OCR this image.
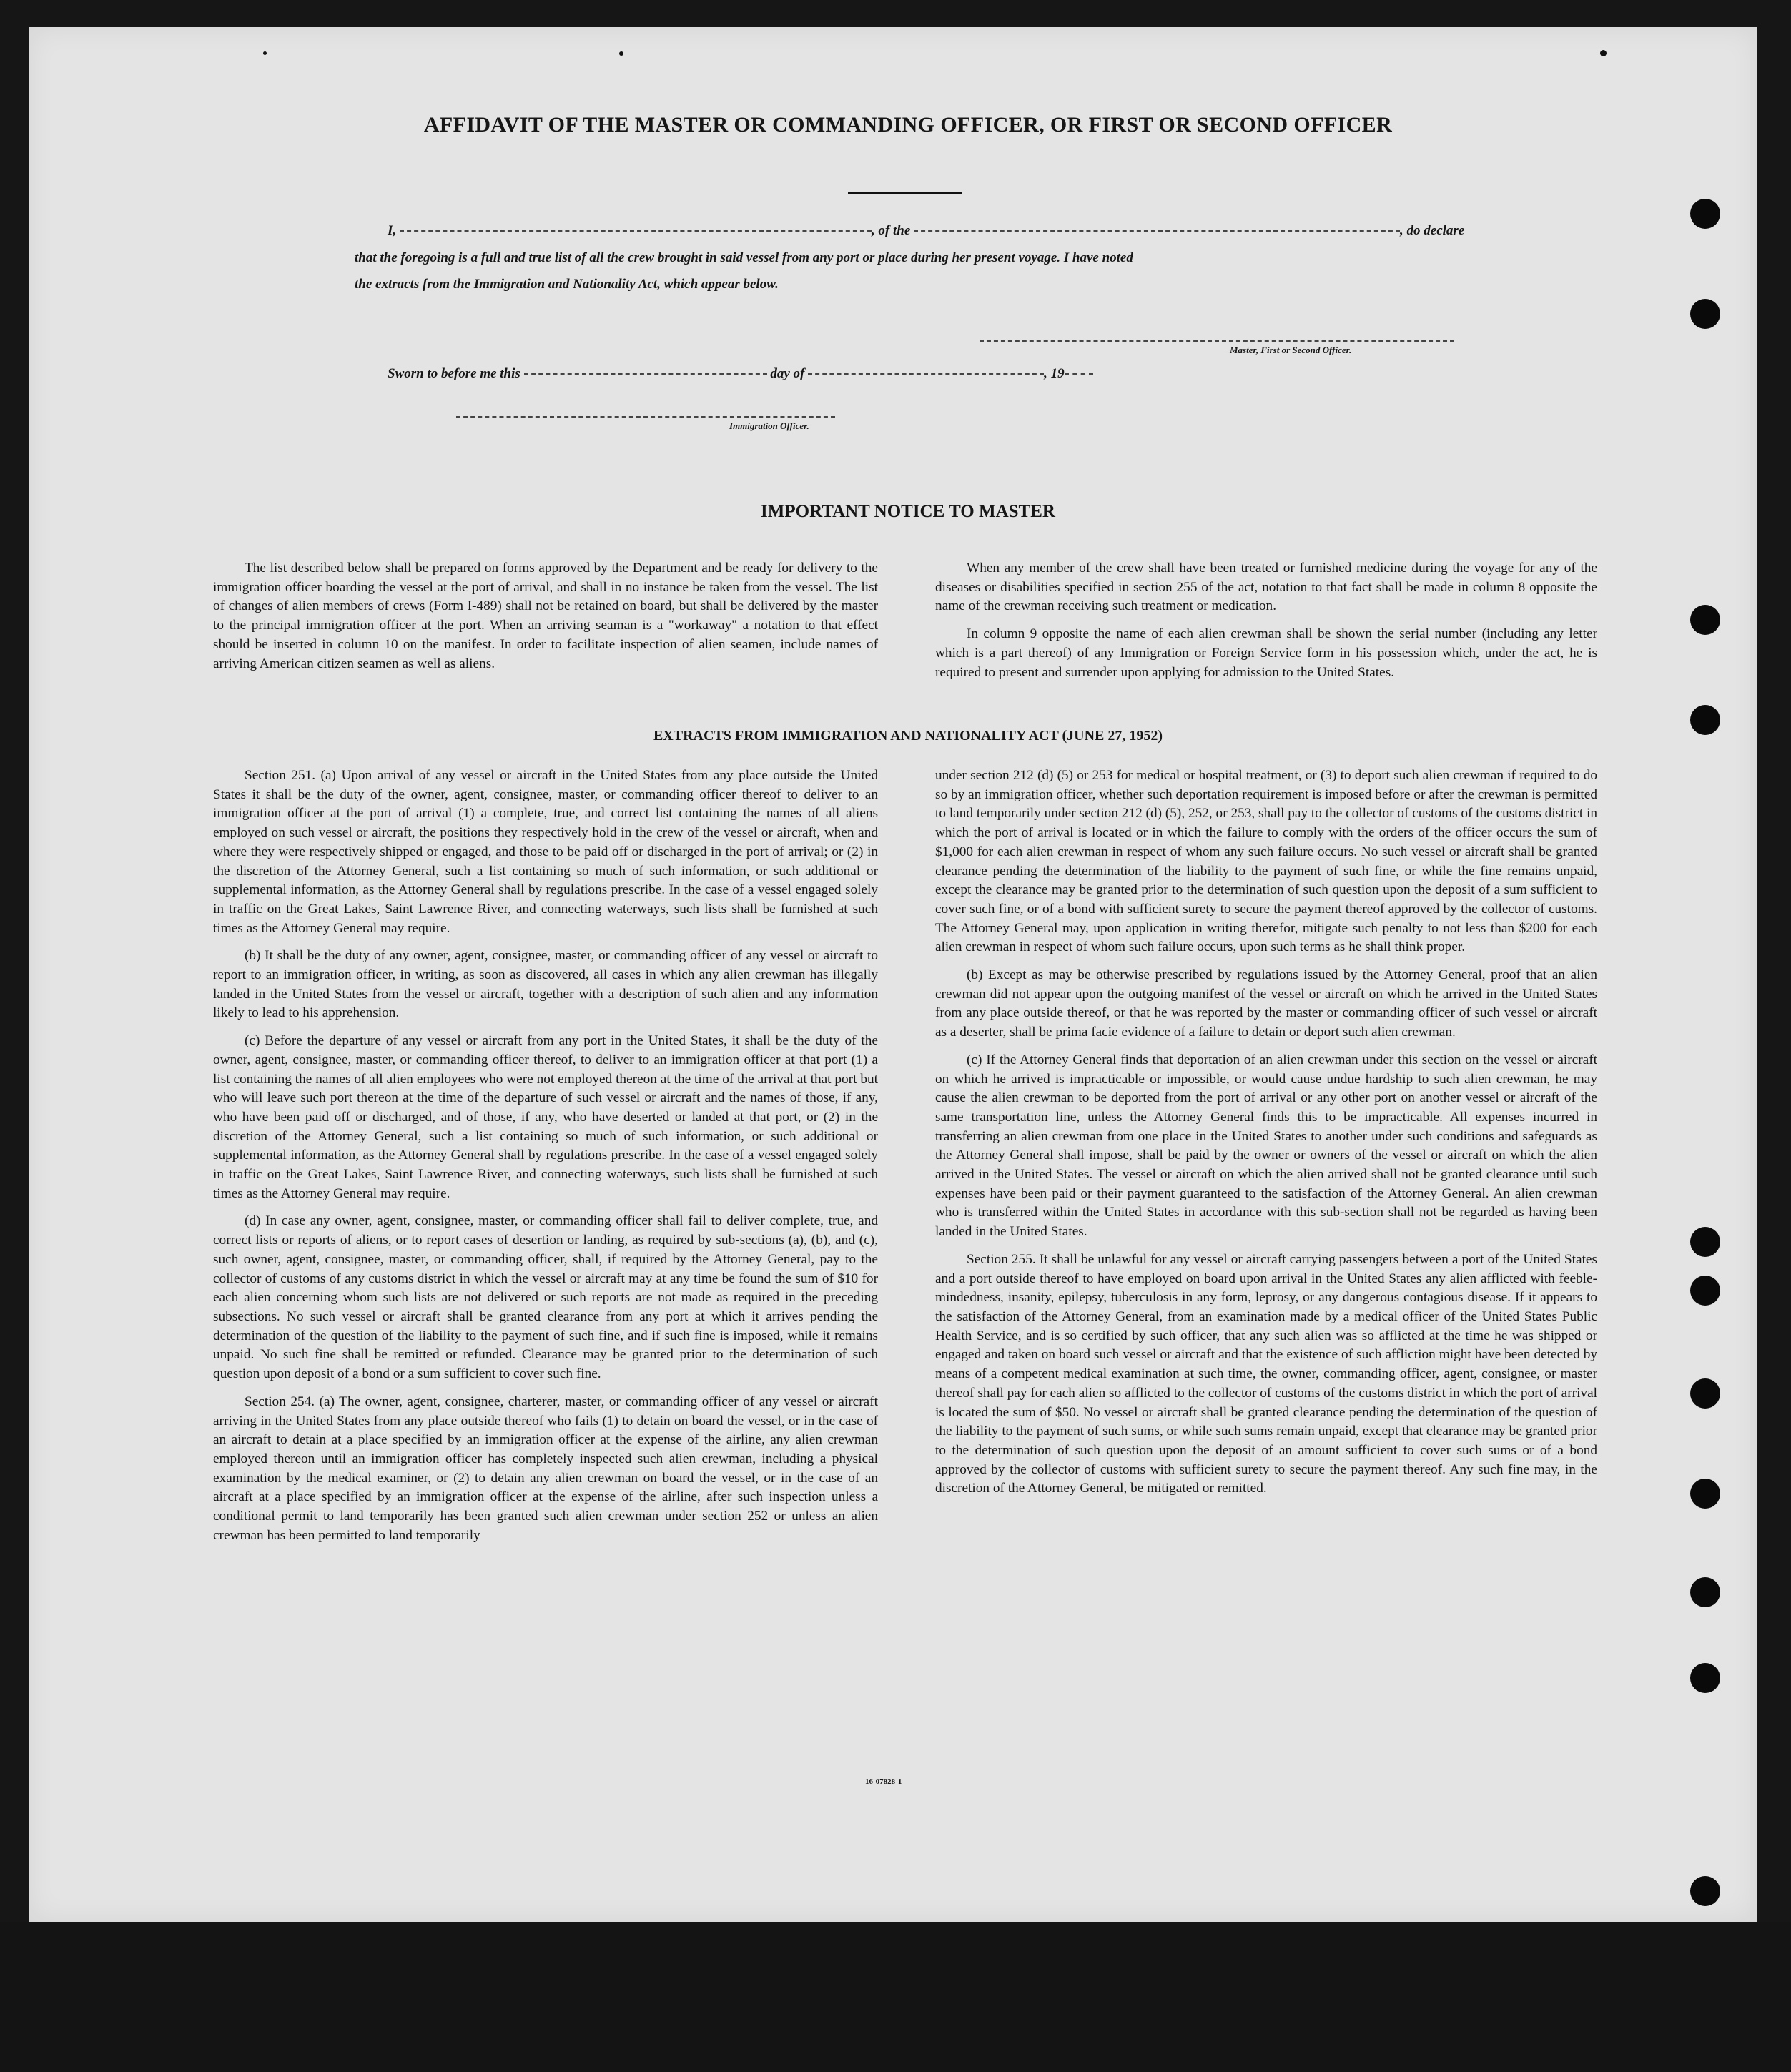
AFFIDAVIT OF THE MASTER OR COMMANDING OFFICER, OR FIRST OR SECOND OFFICER
I,	, of the	, do declare
that the foregoing is a full and true list of all the crew brought in said vessel from any port or place during her present voyage. I have noted
the extracts from the Immigration and Nationality Act, which appear below.
Master, First or Second Officer.
Sworn to before me this	day of	, 19
Immigration Officer.
IMPORTANT NOTICE TO MASTER

The list described below shall be prepared on forms approved by the Department and be ready for delivery to the immigration officer boarding the vessel at the port of arrival, and shall in no instance be taken from the vessel. The list of changes of alien members of crews (Form I-489) shall not be retained on board, but shall be delivered by the master to the principal immigration officer at the port. When an arriving seaman is a "workaway" a notation to that effect should be inserted in column 10 on the manifest. In order to facilitate inspection of alien seamen, include names of arriving American citizen seamen as well as aliens.

When any member of the crew shall have been treated or furnished medicine during the voyage for any of the diseases or disabilities specified in section 255 of the act, notation to that fact shall be made in column 8 opposite the name of the crewman receiving such treatment or medication.

In column 9 opposite the name of each alien crewman shall be shown the serial number (including any letter which is a part thereof) of any Immigration or Foreign Service form in his possession which, under the act, he is required to present and surrender upon applying for admission to the United States.

EXTRACTS FROM IMMIGRATION AND NATIONALITY ACT (JUNE 27, 1952)

Section 251. (a) Upon arrival of any vessel or aircraft in the United States from any place outside the United States it shall be the duty of the owner, agent, consignee, master, or commanding officer thereof to deliver to an immigration officer at the port of arrival (1) a complete, true, and correct list containing the names of all aliens employed on such vessel or aircraft, the positions they respectively hold in the crew of the vessel or aircraft, when and where they were respectively shipped or engaged, and those to be paid off or discharged in the port of arrival; or (2) in the discretion of the Attorney General, such a list containing so much of such information, or such additional or supplemental information, as the Attorney General shall by regulations prescribe. In the case of a vessel engaged solely in traffic on the Great Lakes, Saint Lawrence River, and connecting waterways, such lists shall be furnished at such times as the Attorney General may require.

(b) It shall be the duty of any owner, agent, consignee, master, or commanding officer of any vessel or aircraft to report to an immigration officer, in writing, as soon as discovered, all cases in which any alien crewman has illegally landed in the United States from the vessel or aircraft, together with a description of such alien and any information likely to lead to his apprehension.

(c) Before the departure of any vessel or aircraft from any port in the United States, it shall be the duty of the owner, agent, consignee, master, or commanding officer thereof, to deliver to an immigration officer at that port (1) a list containing the names of all alien employees who were not employed thereon at the time of the arrival at that port but who will leave such port thereon at the time of the departure of such vessel or aircraft and the names of those, if any, who have been paid off or discharged, and of those, if any, who have deserted or landed at that port, or (2) in the discretion of the Attorney General, such a list containing so much of such information, or such additional or supplemental information, as the Attorney General shall by regulations prescribe. In the case of a vessel engaged solely in traffic on the Great Lakes, Saint Lawrence River, and connecting waterways, such lists shall be furnished at such times as the Attorney General may require.

(d) In case any owner, agent, consignee, master, or commanding officer shall fail to deliver complete, true, and correct lists or reports of aliens, or to report cases of desertion or landing, as required by sub-sections (a), (b), and (c), such owner, agent, consignee, master, or commanding officer, shall, if required by the Attorney General, pay to the collector of customs of any customs district in which the vessel or aircraft may at any time be found the sum of $10 for each alien concerning whom such lists are not delivered or such reports are not made as required in the preceding subsections. No such vessel or aircraft shall be granted clearance from any port at which it arrives pending the determination of the question of the liability to the payment of such fine, and if such fine is imposed, while it remains unpaid. No such fine shall be remitted or refunded. Clearance may be granted prior to the determination of such question upon deposit of a bond or a sum sufficient to cover such fine.

Section 254. (a) The owner, agent, consignee, charterer, master, or commanding officer of any vessel or aircraft arriving in the United States from any place outside thereof who fails (1) to detain on board the vessel, or in the case of an aircraft to detain at a place specified by an immigration officer at the expense of the airline, any alien crewman employed thereon until an immigration officer has completely inspected such alien crewman, including a physical examination by the medical examiner, or (2) to detain any alien crewman on board the vessel, or in the case of an aircraft at a place specified by an immigration officer at the expense of the airline, after such inspection unless a conditional permit to land temporarily has been granted such alien crewman under section 252 or unless an alien crewman has been permitted to land temporarily

under section 212 (d) (5) or 253 for medical or hospital treatment, or (3) to deport such alien crewman if required to do so by an immigration officer, whether such deportation requirement is imposed before or after the crewman is permitted to land temporarily under section 212 (d) (5), 252, or 253, shall pay to the collector of customs of the customs district in which the port of arrival is located or in which the failure to comply with the orders of the officer occurs the sum of $1,000 for each alien crewman in respect of whom any such failure occurs. No such vessel or aircraft shall be granted clearance pending the determination of the liability to the payment of such fine, or while the fine remains unpaid, except the clearance may be granted prior to the determination of such question upon the deposit of a sum sufficient to cover such fine, or of a bond with sufficient surety to secure the payment thereof approved by the collector of customs. The Attorney General may, upon application in writing therefor, mitigate such penalty to not less than $200 for each alien crewman in respect of whom such failure occurs, upon such terms as he shall think proper.

(b) Except as may be otherwise prescribed by regulations issued by the Attorney General, proof that an alien crewman did not appear upon the outgoing manifest of the vessel or aircraft on which he arrived in the United States from any place outside thereof, or that he was reported by the master or commanding officer of such vessel or aircraft as a deserter, shall be prima facie evidence of a failure to detain or deport such alien crewman.

(c) If the Attorney General finds that deportation of an alien crewman under this section on the vessel or aircraft on which he arrived is impracticable or impossible, or would cause undue hardship to such alien crewman, he may cause the alien crewman to be deported from the port of arrival or any other port on another vessel or aircraft of the same transportation line, unless the Attorney General finds this to be impracticable. All expenses incurred in transferring an alien crewman from one place in the United States to another under such conditions and safeguards as the Attorney General shall impose, shall be paid by the owner or owners of the vessel or aircraft on which the alien arrived in the United States. The vessel or aircraft on which the alien arrived shall not be granted clearance until such expenses have been paid or their payment guaranteed to the satisfaction of the Attorney General. An alien crewman who is transferred within the United States in accordance with this sub-section shall not be regarded as having been landed in the United States.

Section 255. It shall be unlawful for any vessel or aircraft carrying passengers between a port of the United States and a port outside thereof to have employed on board upon arrival in the United States any alien afflicted with feeble-mindedness, insanity, epilepsy, tuberculosis in any form, leprosy, or any dangerous contagious disease. If it appears to the satisfaction of the Attorney General, from an examination made by a medical officer of the United States Public Health Service, and is so certified by such officer, that any such alien was so afflicted at the time he was shipped or engaged and taken on board such vessel or aircraft and that the existence of such affliction might have been detected by means of a competent medical examination at such time, the owner, commanding officer, agent, consignee, or master thereof shall pay for each alien so afflicted to the collector of customs of the customs district in which the port of arrival is located the sum of $50. No vessel or aircraft shall be granted clearance pending the determination of the question of the liability to the payment of such sums, or while such sums remain unpaid, except that clearance may be granted prior to the determination of such question upon the deposit of an amount sufficient to cover such sums or of a bond approved by the collector of customs with sufficient surety to secure the payment thereof. Any such fine may, in the discretion of the Attorney General, be mitigated or remitted.

16-07828-1
